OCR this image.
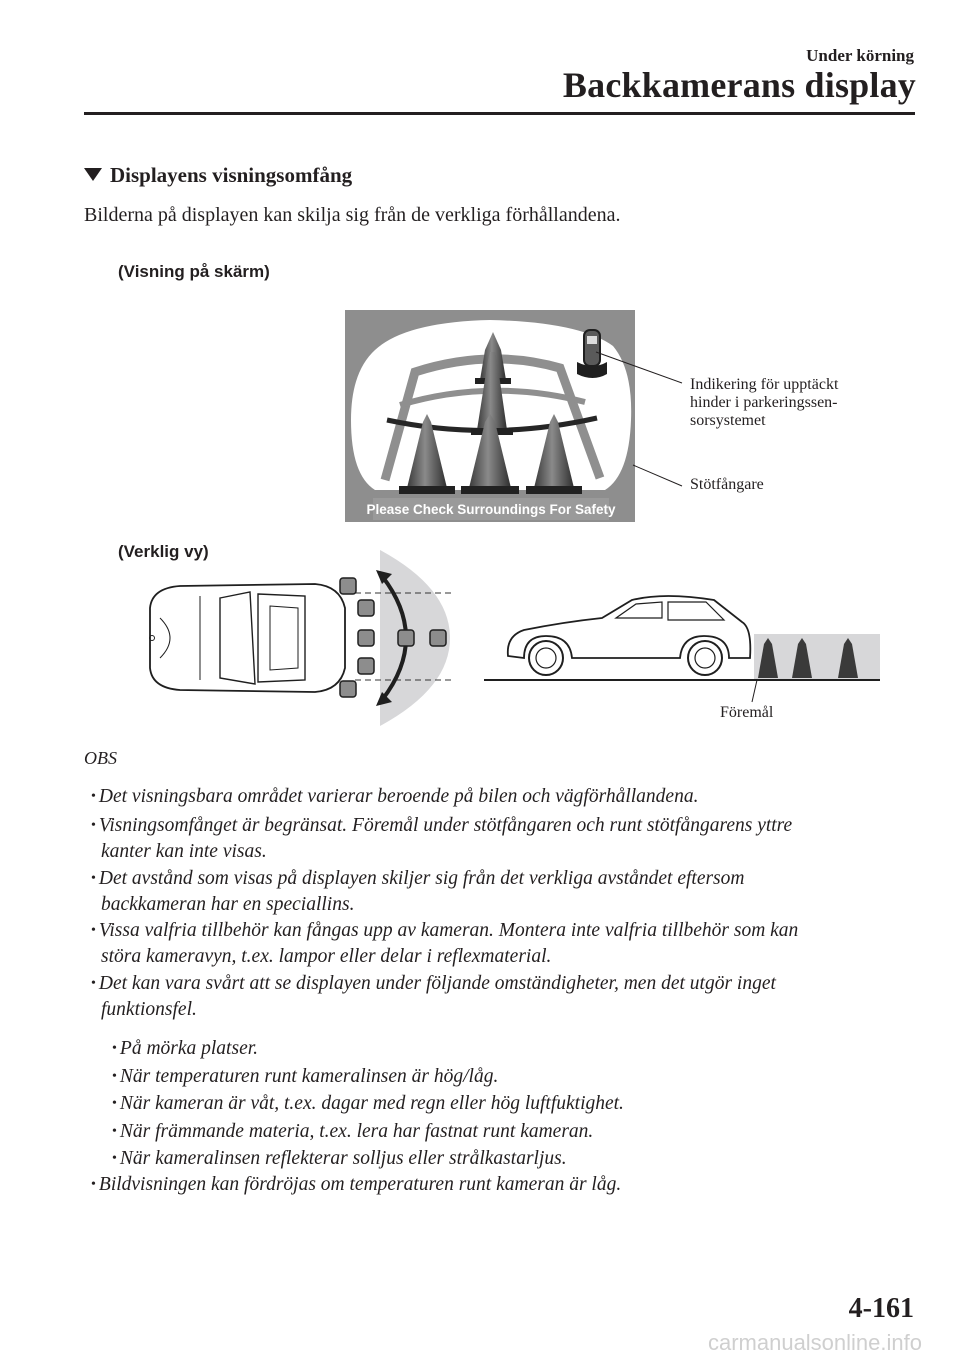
Under körning
Backkamerans display
Displayens visningsomfång
Bilderna på displayen kan skilja sig från de verkliga förhållandena.
(Visning på skärm)
Please Check Surroundings For Safety
Indikering för upptäckt
hinder i parkeringssen-
sorsystemet
Stötfångare
(Verklig vy)
Föremål
OBS
• Det visningsbara området varierar beroende på bilen och vägförhållandena.
• Visningsomfånget är begränsat. Föremål under stötfångaren och runt stötfångarens yttre
kanter kan inte visas.
• Det avstånd som visas på displayen skiljer sig från det verkliga avståndet eftersom
backkameran har en speciallins.
• Vissa valfria tillbehör kan fångas upp av kameran. Montera inte valfria tillbehör som kan
störa kameravyn, t.ex. lampor eller delar i reflexmaterial.
• Det kan vara svårt att se displayen under följande omständigheter, men det utgör inget
funktionsfel.
• På mörka platser.
• När temperaturen runt kameralinsen är hög/låg.
• När kameran är våt, t.ex. dagar med regn eller hög luftfuktighet.
• När främmande materia, t.ex. lera har fastnat runt kameran.
• När kameralinsen reflekterar solljus eller strålkastarljus.
• Bildvisningen kan fördröjas om temperaturen runt kameran är låg.
4-161
carmanualsonline.info
